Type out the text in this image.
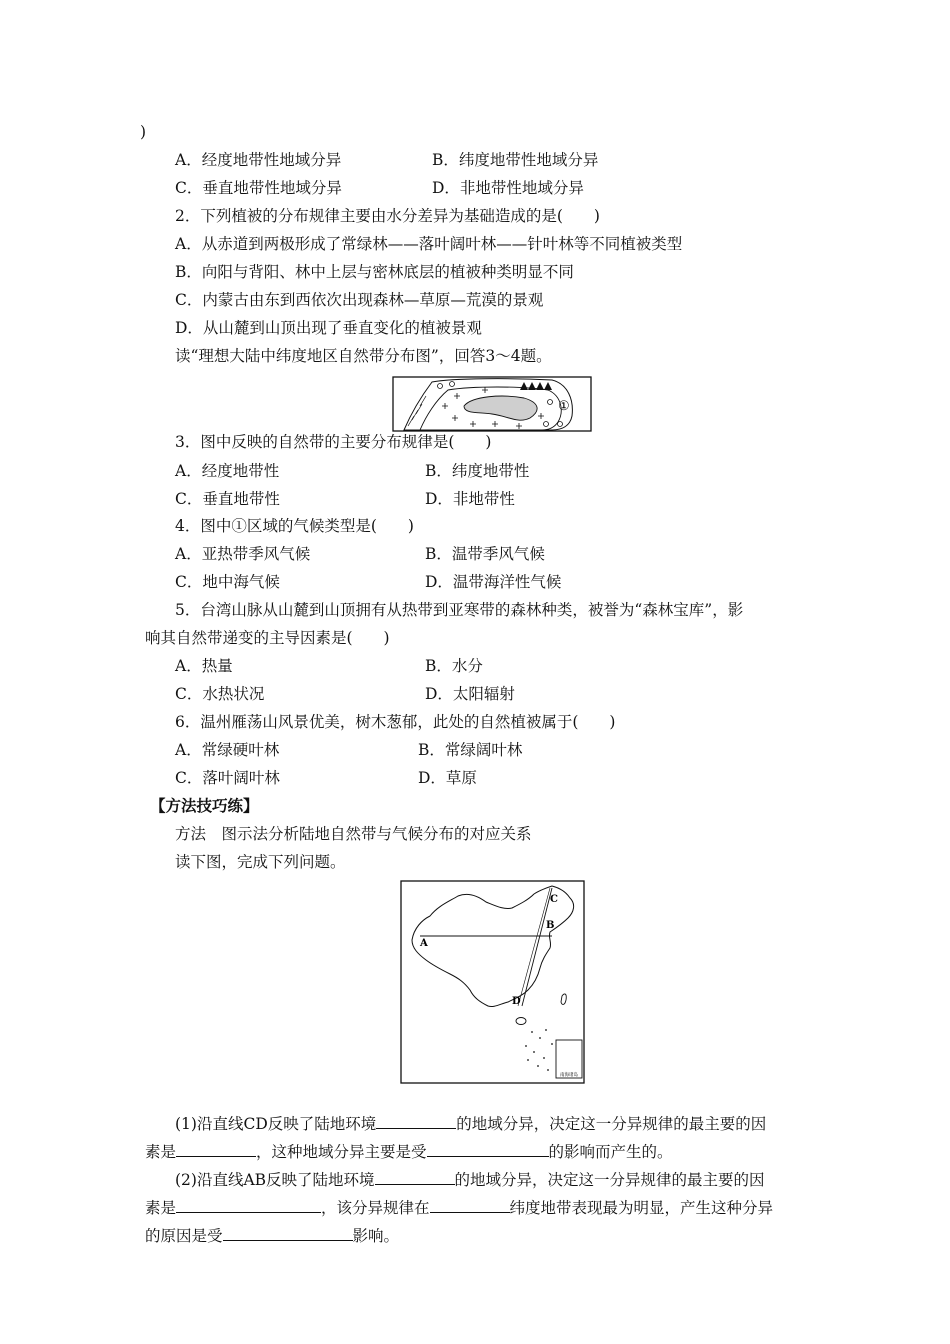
)
A．经度地带性地域分异	B．纬度地带性地域分异
C．垂直地带性地域分异	D．非地带性地域分异
2．下列植被的分布规律主要由水分差异为基础造成的是(　　)
A．从赤道到两极形成了常绿林——落叶阔叶林——针叶林等不同植被类型
B．向阳与背阳、林中上层与密林底层的植被种类明显不同
C．内蒙古由东到西依次出现森林—草原—荒漠的景观
D．从山麓到山顶出现了垂直变化的植被景观
读“理想大陆中纬度地区自然带分布图”，回答3～4题。
①
3．图中反映的自然带的主要分布规律是(　　)
A．经度地带性	B．纬度地带性
C．垂直地带性	D．非地带性
4．图中①区域的气候类型是(　　)
A．亚热带季风气候	B．温带季风气候
C．地中海气候	D．温带海洋性气候
5．台湾山脉从山麓到山顶拥有从热带到亚寒带的森林种类，被誉为“森林宝库”，影
响其自然带递变的主导因素是(　　)
A．热量	B．水分
C．水热状况	D．太阳辐射
6．温州雁荡山风景优美，树木葱郁，此处的自然植被属于(　　)
A．常绿硬叶林	B．常绿阔叶林
C．落叶阔叶林	D．草原
【方法技巧练】
方法　图示法分析陆地自然带与气候分布的对应关系
读下图，完成下列问题。
南海诸岛
A
B
C
D
(1)沿直线CD反映了陆地环境	的地域分异，决定这一分异规律的最主要的因
素是	，这种地域分异主要是受	的影响而产生的。
(2)沿直线AB反映了陆地环境	的地域分异，决定这一分异规律的最主要的因
素是	，该分异规律在	纬度地带表现最为明显，产生这种分异
的原因是受	影响。
